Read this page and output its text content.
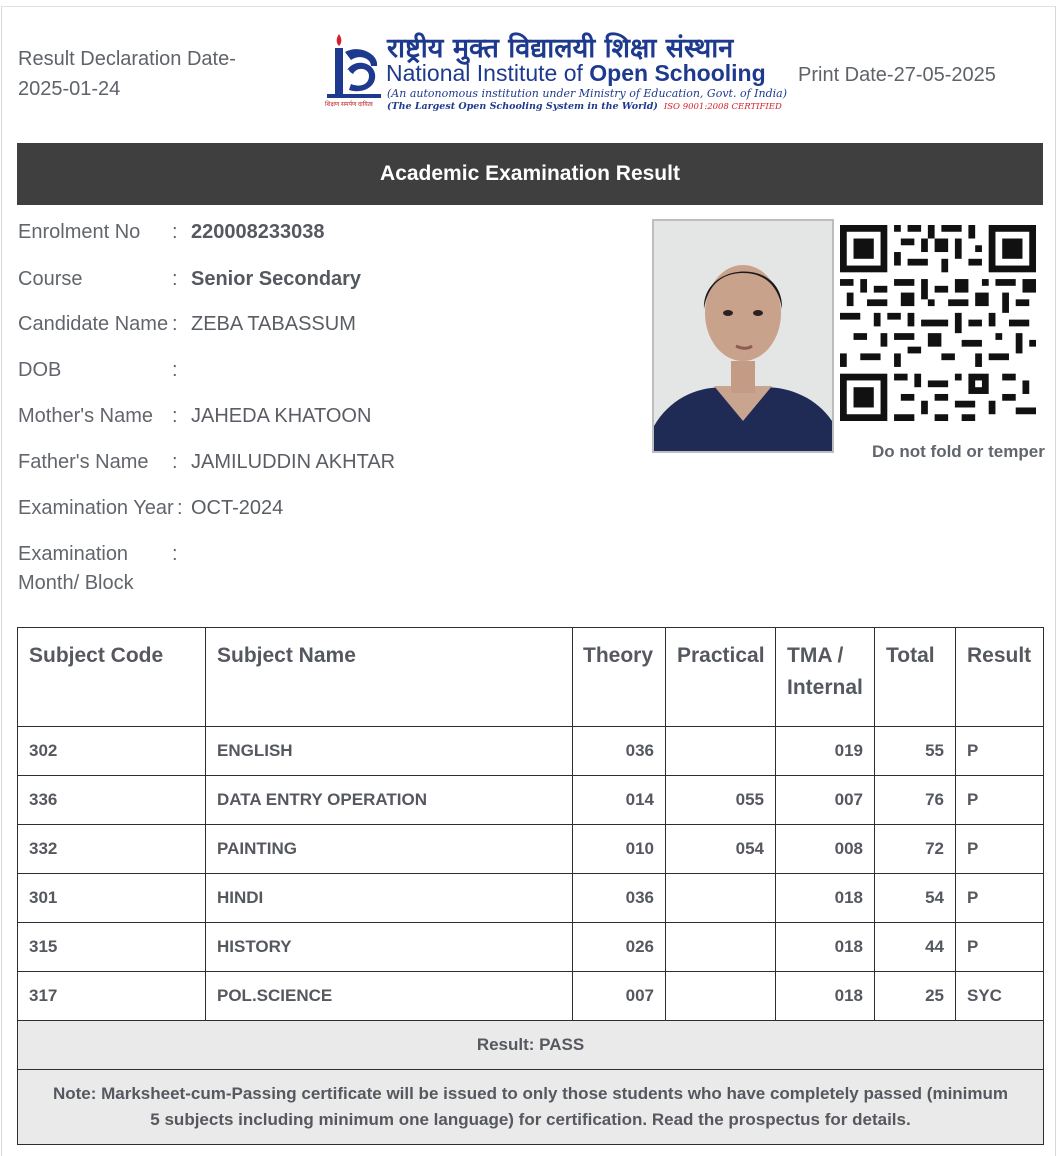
Result Declaration Date-
2025-01-24
शिक्षण समर्पण दायित्व
राष्ट्रीय मुक्त विद्यालयी शिक्षा संस्थान
National Institute of Open Schooling
(An autonomous institution under Ministry of Education, Govt. of India)
(The Largest Open Schooling System in the World) ISO 9001:2008 CERTIFIED
Print Date-27-05-2025
Academic Examination Result
Enrolment No	: 220008233038
Course	: Senior Secondary
Candidate Name : ZEBA TABASSUM
DOB	:
Mother's Name : JAHEDA KHATOON
Father's Name	: JAMILUDDIN AKHTAR
Examination Year : OCT-2024
Examination
Month/ Block
:
Do not fold or temper
Subject Code	Subject Name	Theory	Practical	TMA /
Internal	Total	Result
302	ENGLISH	036		019	55	P
336	DATA ENTRY OPERATION	014	055	007	76	P
332	PAINTING	010	054	008	72	P
301	HINDI	036		018	54	P
315	HISTORY	026		018	44	P
317	POL.SCIENCE	007		018	25	SYC
Result: PASS						
Note: Marksheet-cum-Passing certificate will be issued to only those students who have completely passed (minimum 5 subjects including minimum one language) for certification. Read the prospectus for details.						
